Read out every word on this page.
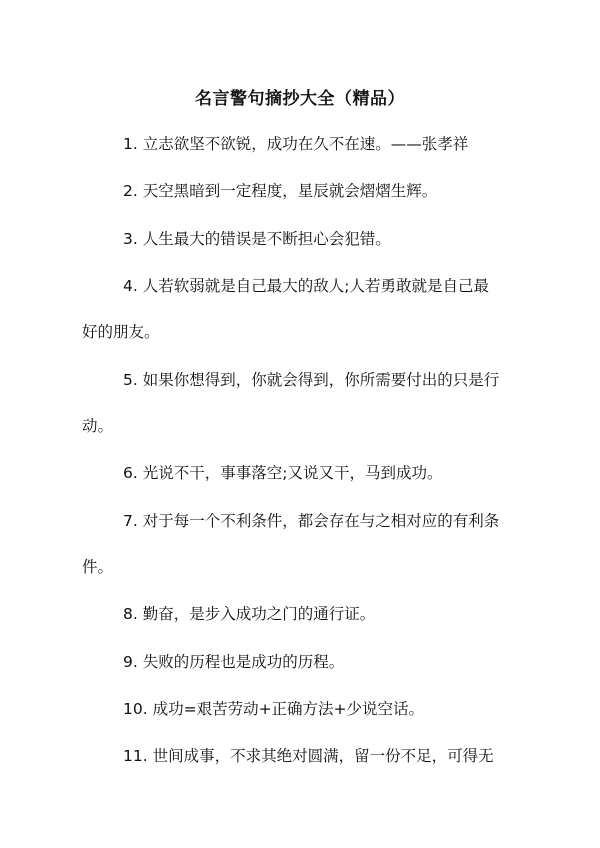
名言警句摘抄大全（精品）
1. 立志欲坚不欲锐，成功在久不在速。——张孝祥
2. 天空黑暗到一定程度，星辰就会熠熠生辉。
3. 人生最大的错误是不断担心会犯错。
4. 人若软弱就是自己最大的敌人;人若勇敢就是自己最
好的朋友。
5. 如果你想得到，你就会得到，你所需要付出的只是行
动。
6. 光说不干，事事落空;又说又干，马到成功。
7. 对于每一个不利条件，都会存在与之相对应的有利条
件。
8. 勤奋，是步入成功之门的通行证。
9. 失败的历程也是成功的历程。
10. 成功=艰苦劳动+正确方法+少说空话。
11. 世间成事，不求其绝对圆满，留一份不足，可得无
